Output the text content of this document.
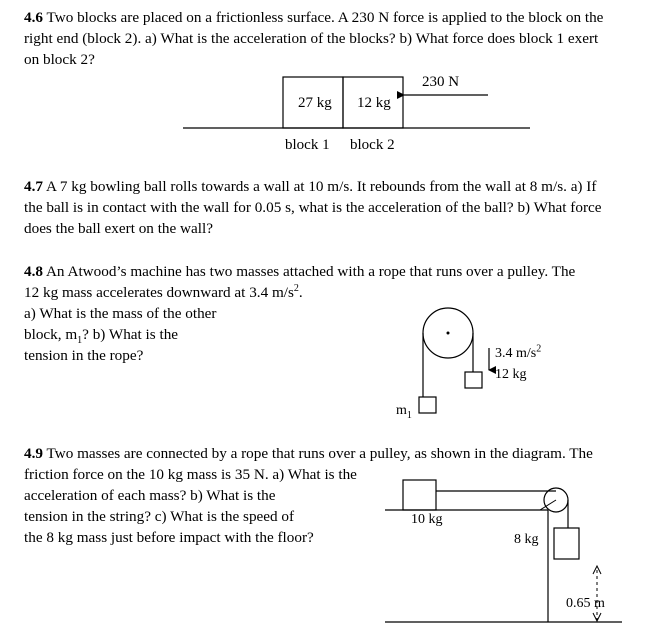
4.6 Two blocks are placed on a frictionless surface. A 230 N force is applied to the block on the
right end (block 2). a) What is the acceleration of the blocks? b) What force does block 1 exert
on block 2?
27 kg 12 kg
230 N
block 1 block 2
4.7 A 7 kg bowling ball rolls towards a wall at 10 m/s. It rebounds from the wall at 8 m/s. a) If
the ball is in contact with the wall for 0.05 s, what is the acceleration of the ball? b) What force
does the ball exert on the wall?
4.8 An Atwood’s machine has two masses attached with a rope that runs over a pulley. The
12 kg mass accelerates downward at 3.4 $m/s^2$.
a) What is the mass of the other
block, $m_1$? b) What is the
tension in the rope?	3.4 $m/s^2$
12 kg
$m_1$
4.9 Two masses are connected by a rope that runs over a pulley, as shown in the diagram. The
friction force on the 10 kg mass is 35 N. a) What is the
acceleration of each mass? b) What is the
tension in the string? c) What is the speed of
the 8 kg mass just before impact with the floor?
10 kg
8 kg
0.65 m
